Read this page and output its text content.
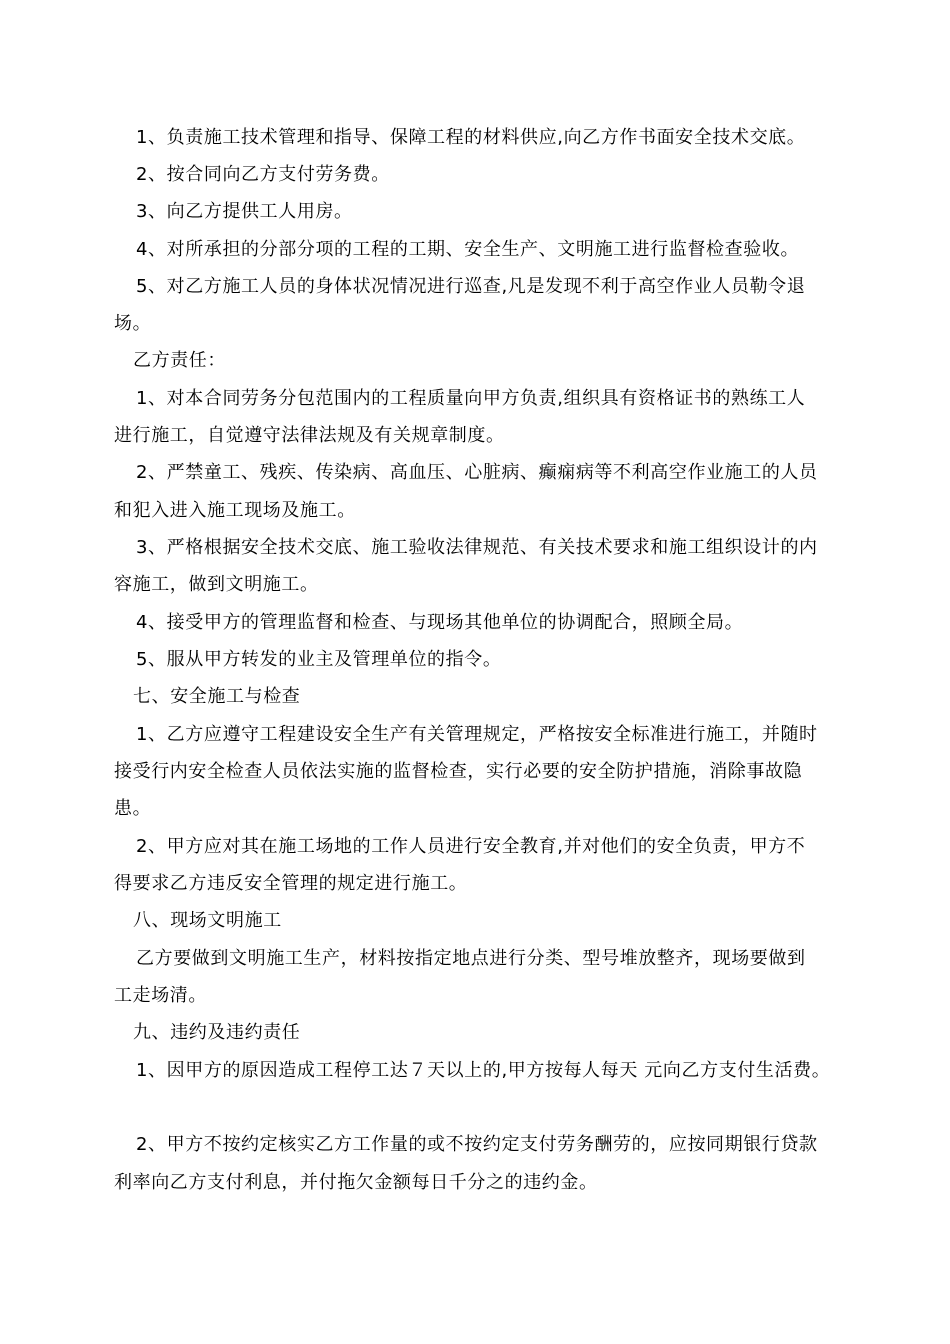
1、负责施工技术管理和指导、保障工程的材料供应,向乙方作书面安全技术交底。
2、按合同向乙方支付劳务费。
3、向乙方提供工人用房。
4、对所承担的分部分项的工程的工期、安全生产、文明施工进行监督检查验收。
5、对乙方施工人员的身体状况情况进行巡查,凡是发现不利于高空作业人员勒令退
场。
乙方责任：
1、对本合同劳务分包范围内的工程质量向甲方负责,组织具有资格证书的熟练工人
进行施工，自觉遵守法律法规及有关规章制度。
2、严禁童工、残疾、传染病、高血压、心脏病、癫痫病等不利高空作业施工的人员
和犯入进入施工现场及施工。
3、严格根据安全技术交底、施工验收法律规范、有关技术要求和施工组织设计的内
容施工，做到文明施工。
4、接受甲方的管理监督和检查、与现场其他单位的协调配合，照顾全局。
5、服从甲方转发的业主及管理单位的指令。
七、安全施工与检查
1、乙方应遵守工程建设安全生产有关管理规定，严格按安全标准进行施工，并随时
接受行内安全检查人员依法实施的监督检查，实行必要的安全防护措施，消除事故隐
患。
2、甲方应对其在施工场地的工作人员进行安全教育,并对他们的安全负责，甲方不
得要求乙方违反安全管理的规定进行施工。
八、现场文明施工
乙方要做到文明施工生产，材料按指定地点进行分类、型号堆放整齐，现场要做到
工走场清。
九、违约及违约责任
1、因甲方的原因造成工程停工达７天以上的,甲方按每人每天 元向乙方支付生活费。
2、甲方不按约定核实乙方工作量的或不按约定支付劳务酬劳的，应按同期银行贷款
利率向乙方支付利息，并付拖欠金额每日千分之的违约金。
